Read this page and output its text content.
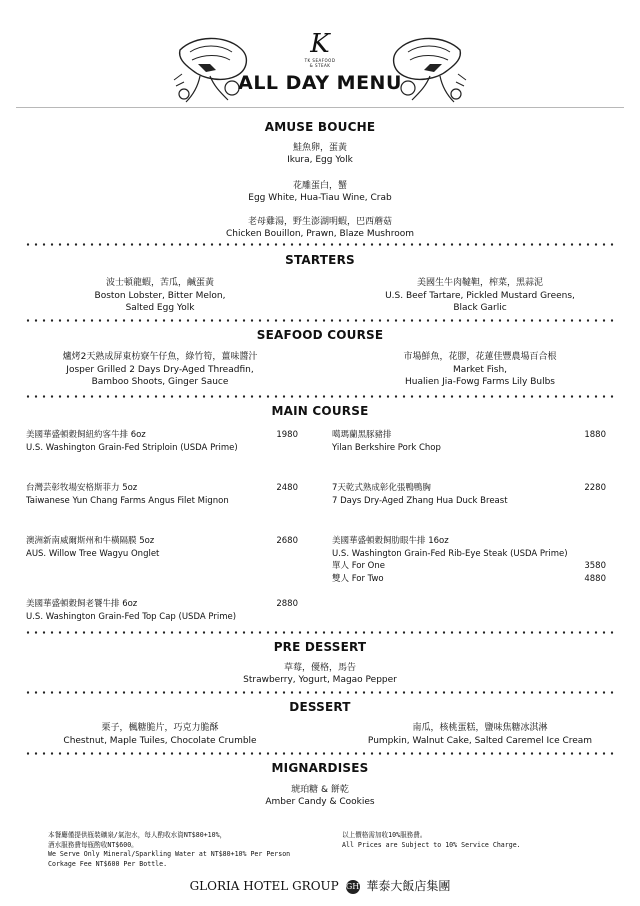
K
TK SEAFOOD & STEAK
ALL DAY MENU
AMUSE BOUCHE
鮭魚卵，蛋黃
Ikura, Egg Yolk
花雕蛋白，蟹
Egg White, Hua-Tiau Wine, Crab
老母雞湯，野生澎湖明蝦，巴西蘑菇
Chicken Bouillon, Prawn, Blaze Mushroom
STARTERS
波士頓龍蝦，苦瓜，鹹蛋黃
Boston Lobster, Bitter Melon,
Salted Egg Yolk
美國生牛肉韃靼，榨菜，黑蒜泥
U.S. Beef Tartare, Pickled Mustard Greens,
Black Garlic
SEAFOOD COURSE
爐烤2天熟成屏東枋寮午仔魚，綠竹筍，薑味醬汁
Josper Grilled 2 Days Dry-Aged Threadfin,
Bamboo Shoots, Ginger Sauce
市場鮮魚，花膠，花蓮佳豐農場百合根
Market Fish,
Hualien Jia-Fowg Farms Lily Bulbs
MAIN COURSE
美國華盛頓穀飼紐約客牛排 6oz
U.S. Washington Grain-Fed Striploin (USDA Prime)
1980
台灣芸彰牧場安格斯菲力 5oz
Taiwanese Yun Chang Farms Angus Filet Mignon
2480
澳洲新南威爾斯州和牛橫隔膜 5oz
AUS. Willow Tree Wagyu Onglet
2680
美國華盛頓穀飼老饕牛排 6oz
U.S. Washington Grain-Fed Top Cap (USDA Prime)
2880
噶瑪蘭黑豚豬排
Yilan Berkshire Pork Chop
1880
7天乾式熟成彰化張鴨鴨胸
7 Days Dry-Aged Zhang Hua Duck Breast
2280
美國華盛頓穀飼肋眼牛排 16oz
U.S. Washington Grain-Fed Rib-Eye Steak (USDA Prime)
單人 For One
雙人 For Two
3580
4880
PRE DESSERT
草莓，優格，馬告
Strawberry, Yogurt, Magao Pepper
DESSERT
栗子，楓糖脆片，巧克力脆酥
Chestnut, Maple Tuiles, Chocolate Crumble
南瓜，核桃蛋糕，鹽味焦糖冰淇淋
Pumpkin, Walnut Cake, Salted Caremel Ice Cream
MIGNARDISES
琥珀糖 & 餅乾
Amber Candy & Cookies
本餐廳僅提供瓶裝礦泉/氣泡水，每人酌收水資NT$80+10%，
酒水服務費每瓶酌收NT$600。
We Serve Only Mineral/Sparkling Water at NT$80+10% Per Person
Corkage Fee NT$600 Per Bottle.
以上價格需加收10%服務費。
All Prices are Subject to 10% Service Charge.
GLORIA HOTEL GROUP GH 華泰大飯店集團
